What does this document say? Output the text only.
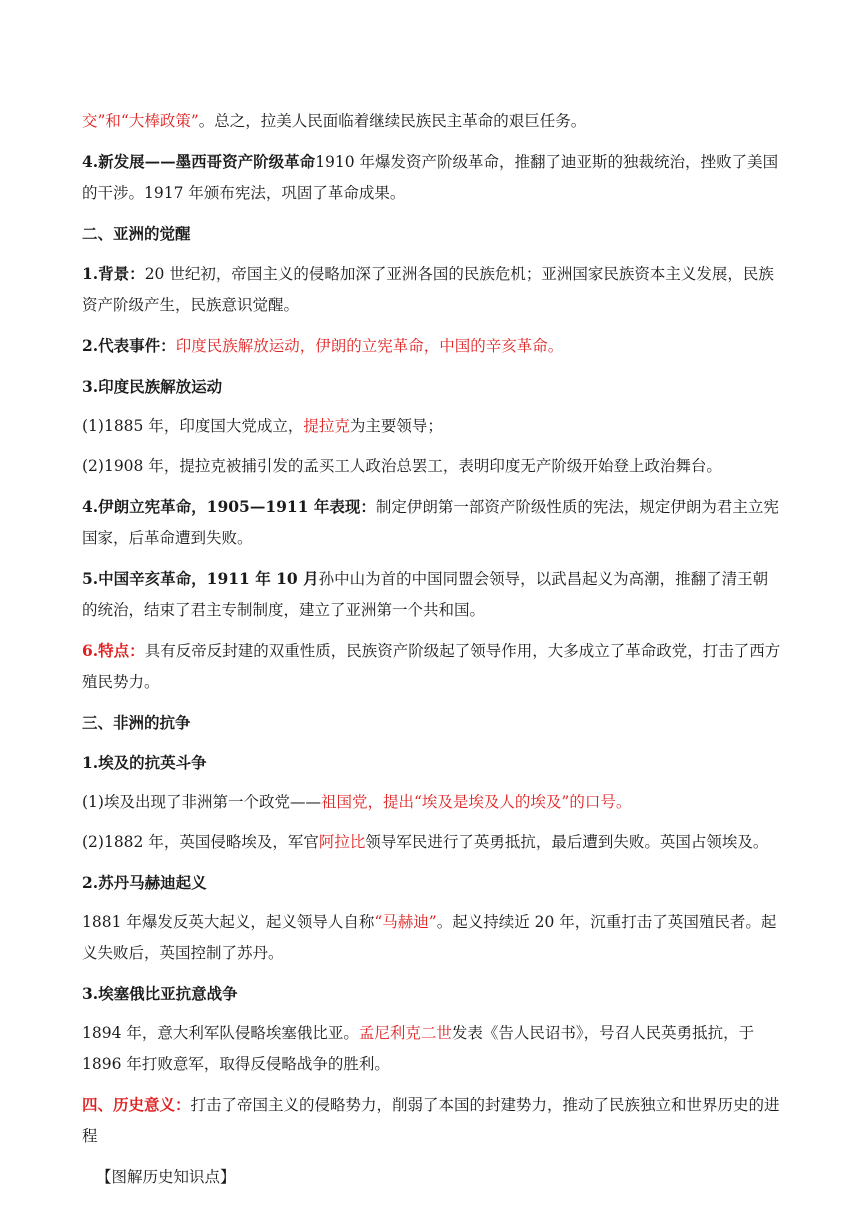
交”和“大棒政策”。总之，拉美人民面临着继续民族民主革命的艰巨任务。

4.新发展——墨西哥资产阶级革命1910 年爆发资产阶级革命，推翻了迪亚斯的独裁统治，挫败了美国的干涉。1917 年颁布宪法，巩固了革命成果。

二、亚洲的觉醒

1.背景：20 世纪初，帝国主义的侵略加深了亚洲各国的民族危机；亚洲国家民族资本主义发展，民族资产阶级产生，民族意识觉醒。

2.代表事件：印度民族解放运动，伊朗的立宪革命，中国的辛亥革命。

3.印度民族解放运动

(1)1885 年，印度国大党成立，提拉克为主要领导；

(2)1908 年，提拉克被捕引发的孟买工人政治总罢工，表明印度无产阶级开始登上政治舞台。

4.伊朗立宪革命，1905—1911 年表现：制定伊朗第一部资产阶级性质的宪法，规定伊朗为君主立宪国家，后革命遭到失败。

5.中国辛亥革命，1911 年 10 月孙中山为首的中国同盟会领导，以武昌起义为高潮，推翻了清王朝的统治，结束了君主专制制度，建立了亚洲第一个共和国。

6.特点：具有反帝反封建的双重性质，民族资产阶级起了领导作用，大多成立了革命政党，打击了西方殖民势力。

三、非洲的抗争

1.埃及的抗英斗争

(1)埃及出现了非洲第一个政党——祖国党，提出“埃及是埃及人的埃及”的口号。

(2)1882 年，英国侵略埃及，军官阿拉比领导军民进行了英勇抵抗，最后遭到失败。英国占领埃及。

2.苏丹马赫迪起义

1881 年爆发反英大起义，起义领导人自称“马赫迪”。起义持续近 20 年，沉重打击了英国殖民者。起义失败后，英国控制了苏丹。

3.埃塞俄比亚抗意战争

1894 年，意大利军队侵略埃塞俄比亚。孟尼利克二世发表《告人民诏书》，号召人民英勇抵抗，于 1896 年打败意军，取得反侵略战争的胜利。

四、历史意义：打击了帝国主义的侵略势力，削弱了本国的封建势力，推动了民族独立和世界历史的进程

【图解历史知识点】
